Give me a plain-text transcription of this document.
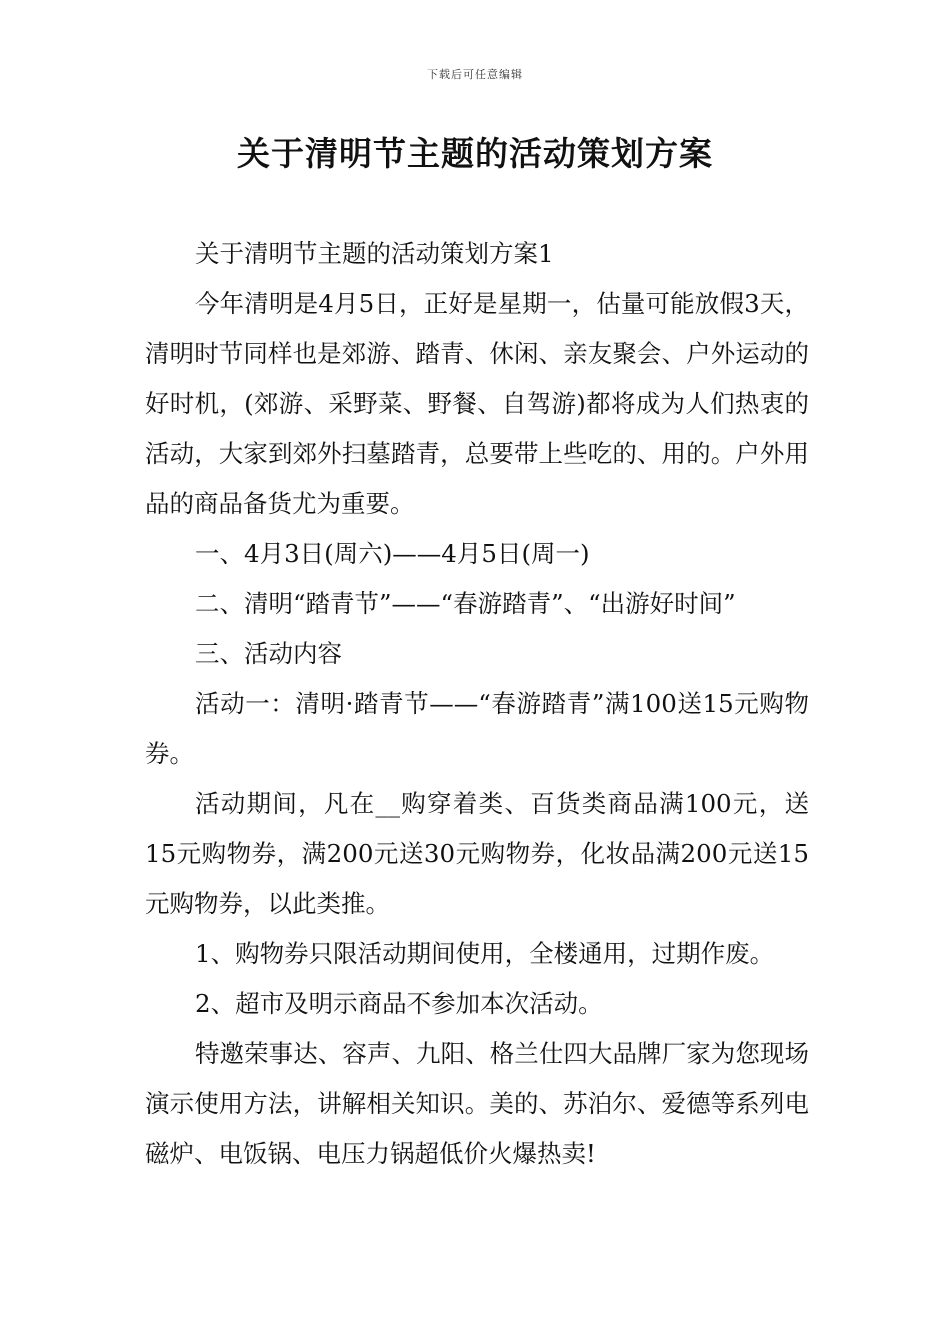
下载后可任意编辑
关于清明节主题的活动策划方案

关于清明节主题的活动策划方案1

今年清明是4月5日，正好是星期一，估量可能放假3天，清明时节同样也是郊游、踏青、休闲、亲友聚会、户外运动的好时机，(郊游、采野菜、野餐、自驾游)都将成为人们热衷的活动，大家到郊外扫墓踏青，总要带上些吃的、用的。户外用品的商品备货尤为重要。

一、4月3日(周六)——4月5日(周一)

二、清明“踏青节”——“春游踏青”、“出游好时间”

三、活动内容

活动一：清明·踏青节——“春游踏青”满100送15元购物券。

活动期间，凡在__购穿着类、百货类商品满100元，送15元购物券，满200元送30元购物券，化妆品满200元送15元购物券，以此类推。

1、购物券只限活动期间使用，全楼通用，过期作废。

2、超市及明示商品不参加本次活动。

特邀荣事达、容声、九阳、格兰仕四大品牌厂家为您现场演示使用方法，讲解相关知识。美的、苏泊尔、爱德等系列电磁炉、电饭锅、电压力锅超低价火爆热卖!
